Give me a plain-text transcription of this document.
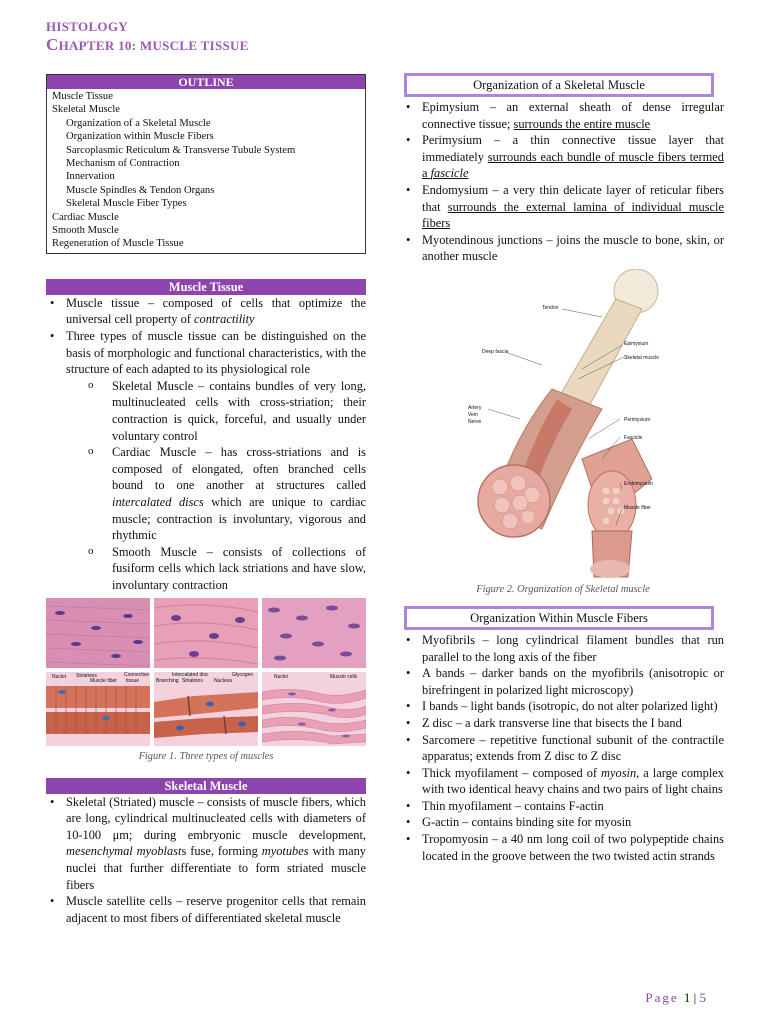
HISTOLOGY
CHAPTER 10: MUSCLE TISSUE
OUTLINE
Muscle Tissue
Skeletal Muscle
Organization of a Skeletal Muscle
Organization within Muscle Fibers
Sarcoplasmic Reticulum & Transverse Tubule System
Mechanism of Contraction
Innervation
Muscle Spindles & Tendon Organs
Skeletal Muscle Fiber Types
Cardiac Muscle
Smooth Muscle
Regeneration of Muscle Tissue
Muscle Tissue
• Muscle tissue – composed of cells that optimize the universal cell property of contractility
• Three types of muscle tissue can be distinguished on the basis of morphologic and functional characteristics, with the structure of each adapted to its physiological role
o Skeletal Muscle – contains bundles of very long, multinucleated cells with cross-striation; their contraction is quick, forceful, and usually under voluntary control
o Cardiac Muscle – has cross-striations and is composed of elongated, often branched cells bound to one another at structures called intercalated discs which are unique to cardiac muscle; contraction is involuntary, vigorous and rhythmic
o Smooth Muscle – consists of collections of fusiform cells which lack striations and have slow, involuntary contraction
Nuclei Striations
Muscle fiber
Connective
tissue
Intercalated disc
Branching Striations Nucleus
Glycogen	Nuclei	Muscle cells
Figure 1. Three types of muscles
Skeletal Muscle
• Skeletal (Striated) muscle – consists of muscle fibers, which are long, cylindrical multinucleated cells with diameters of 10-100 μm; during embryonic muscle development, mesenchymal myoblasts fuse, forming myotubes with many nuclei that further differentiate to form striated muscle fibers
• Muscle satellite cells – reserve progenitor cells that remain adjacent to most fibers of differentiated skeletal muscle
Organization of a Skeletal Muscle
• Epimysium – an external sheath of dense irregular connective tissue; surrounds the entire muscle
• Perimysium – a thin connective tissue layer that immediately surrounds each bundle of muscle fibers termed a fascicle
• Endomysium – a very thin delicate layer of reticular fibers that surrounds the external lamina of individual muscle fibers
• Myotendinous junctions – joins the muscle to bone, skin, or another muscle
Tendon
Deep fascia
Epimysium
Skeletal muscle
Artery
Vein
Nerve	Perimysium
Fascicle
Endomysium
Muscle fiber
Figure 2. Organization of Skeletal muscle
Organization Within Muscle Fibers
• Myofibrils – long cylindrical filament bundles that run parallel to the long axis of the fiber
• A bands – darker bands on the myofibrils (anisotropic or birefringent in polarized light microscopy)
• I bands – light bands (isotropic, do not alter polarized light)
• Z disc – a dark transverse line that bisects the I band
• Sarcomere – repetitive functional subunit of the contractile apparatus; extends from Z disc to Z disc
• Thick myofilament – composed of myosin, a large complex with two identical heavy chains and two pairs of light chains
• Thin myofilament – contains F-actin
• G-actin – contains binding site for myosin
• Tropomyosin – a 40 nm long coil of two polypeptide chains located in the groove between the two twisted actin strands
Page 1 | 5
